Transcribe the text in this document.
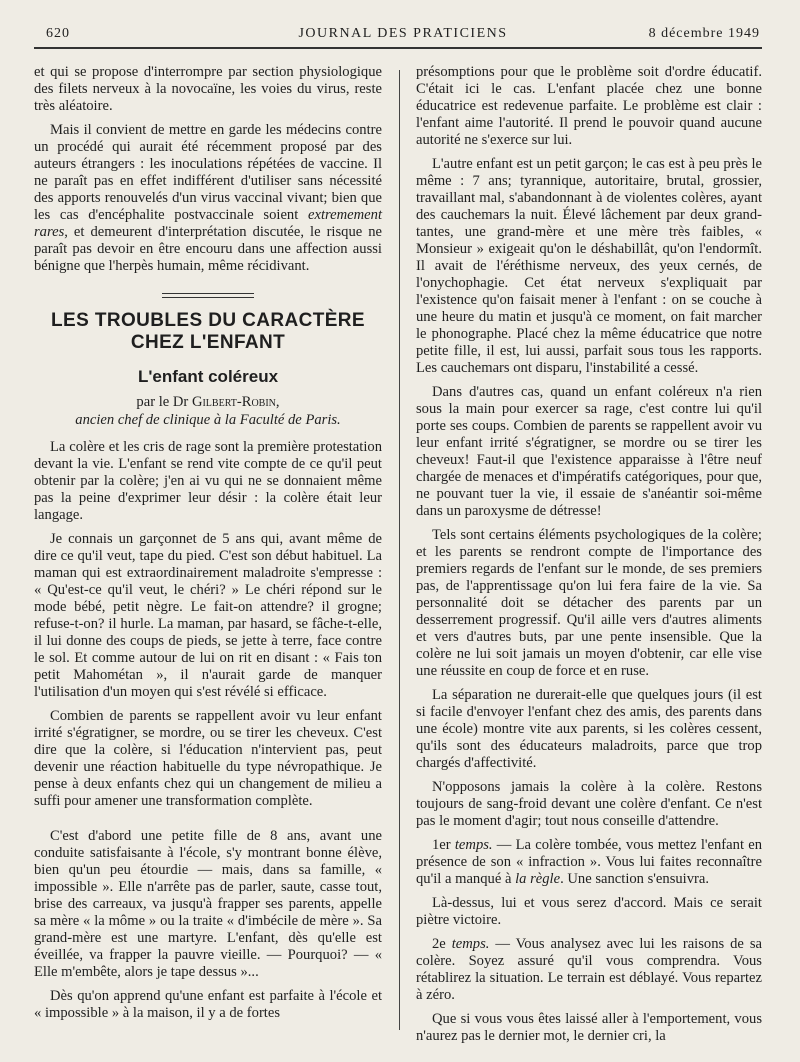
620	JOURNAL DES PRATICIENS	8 décembre 1949

et qui se propose d'interrompre par section physiologique des filets nerveux à la novocaïne, les voies du virus, reste très aléatoire.

Mais il convient de mettre en garde les médecins contre un procédé qui aurait été récemment proposé par des auteurs étrangers : les inoculations répétées de vaccine. Il ne paraît pas en effet indifférent d'utiliser sans nécessité des apports renouvelés d'un virus vaccinal vivant; bien que les cas d'encéphalite postvaccinale soient extremement rares, et demeurent d'interprétation discutée, le risque ne paraît pas devoir en être encouru dans une affection aussi bénigne que l'herpès humain, même récidivant.

LES TROUBLES DU CARACTÈRE
CHEZ L'ENFANT
L'enfant coléreux
par le Dr Gilbert-Robin,
ancien chef de clinique à la Faculté de Paris.

La colère et les cris de rage sont la première protestation devant la vie. L'enfant se rend vite compte de ce qu'il peut obtenir par la colère; j'en ai vu qui ne se donnaient même pas la peine d'exprimer leur désir : la colère était leur langage.

Je connais un garçonnet de 5 ans qui, avant même de dire ce qu'il veut, tape du pied. C'est son début habituel. La maman qui est extraordinairement maladroite s'empresse : « Qu'est-ce qu'il veut, le chéri? » Le chéri répond sur le mode bébé, petit nègre. Le fait-on attendre? il grogne; refuse-t-on? il hurle. La maman, par hasard, se fâche-t-elle, il lui donne des coups de pieds, se jette à terre, face contre le sol. Et comme autour de lui on rit en disant : « Fais ton petit Mahométan », il n'aurait garde de manquer l'utilisation d'un moyen qui s'est révélé si efficace.

Combien de parents se rappellent avoir vu leur enfant irrité s'égratigner, se mordre, ou se tirer les cheveux. C'est dire que la colère, si l'éducation n'intervient pas, peut devenir une réaction habituelle du type névropathique. Je pense à deux enfants chez qui un changement de milieu a suffi pour amener une transformation complète.

C'est d'abord une petite fille de 8 ans, avant une conduite satisfaisante à l'école, s'y montrant bonne élève, bien qu'un peu étourdie — mais, dans sa famille, « impossible ». Elle n'arrête pas de parler, saute, casse tout, brise des carreaux, va jusqu'à frapper ses parents, appelle sa mère « la môme » ou la traite « d'imbécile de mère ». Sa grand-mère est une martyre. L'enfant, dès qu'elle est éveillée, va frapper la pauvre vieille. — Pourquoi? — « Elle m'embête, alors je tape dessus »...

Dès qu'on apprend qu'une enfant est parfaite à l'école et « impossible » à la maison, il y a de fortes

présomptions pour que le problème soit d'ordre éducatif. C'était ici le cas. L'enfant placée chez une bonne éducatrice est redevenue parfaite. Le problème est clair : l'enfant aime l'autorité. Il prend le pouvoir quand aucune autorité ne s'exerce sur lui.

L'autre enfant est un petit garçon; le cas est à peu près le même : 7 ans; tyrannique, autoritaire, brutal, grossier, travaillant mal, s'abandonnant à de violentes colères, ayant des cauchemars la nuit. Élevé lâchement par deux grand-tantes, une grand-mère et une mère très faibles, « Monsieur » exigeait qu'on le déshabillât, qu'on l'endormît. Il avait de l'éréthisme nerveux, des yeux cernés, de l'onychophagie. Cet état nerveux s'expliquait par l'existence qu'on faisait mener à l'enfant : on se couche à une heure du matin et jusqu'à ce moment, on fait marcher le phonographe. Placé chez la même éducatrice que notre petite fille, il est, lui aussi, parfait sous tous les rapports. Les cauchemars ont disparu, l'instabilité a cessé.

Dans d'autres cas, quand un enfant coléreux n'a rien sous la main pour exercer sa rage, c'est contre lui qu'il porte ses coups. Combien de parents se rappellent avoir vu leur enfant irrité s'égratigner, se mordre ou se tirer les cheveux! Faut-il que l'existence apparaisse à l'être neuf chargée de menaces et d'impératifs catégoriques, pour que, ne pouvant tuer la vie, il essaie de s'anéantir soi-même dans un paroxysme de détresse!

Tels sont certains éléments psychologiques de la colère; et les parents se rendront compte de l'importance des premiers regards de l'enfant sur le monde, de ses premiers pas, de l'apprentissage qu'on lui fera faire de la vie. Sa personnalité doit se détacher des parents par un desserrement progressif. Qu'il aille vers d'autres aliments et vers d'autres buts, par une pente insensible. Que la colère ne lui soit jamais un moyen d'obtenir, car elle vise une réussite en coup de force et en ruse.

La séparation ne durerait-elle que quelques jours (il est si facile d'envoyer l'enfant chez des amis, des parents dans une école) montre vite aux parents, si les colères cessent, qu'ils sont des éducateurs maladroits, parce que trop chargés d'affectivité.

N'opposons jamais la colère à la colère. Restons toujours de sang-froid devant une colère d'enfant. Ce n'est pas le moment d'agir; tout nous conseille d'attendre.

1er temps. — La colère tombée, vous mettez l'enfant en présence de son « infraction ». Vous lui faites reconnaître qu'il a manqué à la règle. Une sanction s'ensuivra.

Là-dessus, lui et vous serez d'accord. Mais ce serait piètre victoire.

2e temps. — Vous analysez avec lui les raisons de sa colère. Soyez assuré qu'il vous comprendra. Vous rétablirez la situation. Le terrain est déblayé. Vous repartez à zéro.

Que si vous vous êtes laissé aller à l'emportement, vous n'aurez pas le dernier mot, le dernier cri, la
